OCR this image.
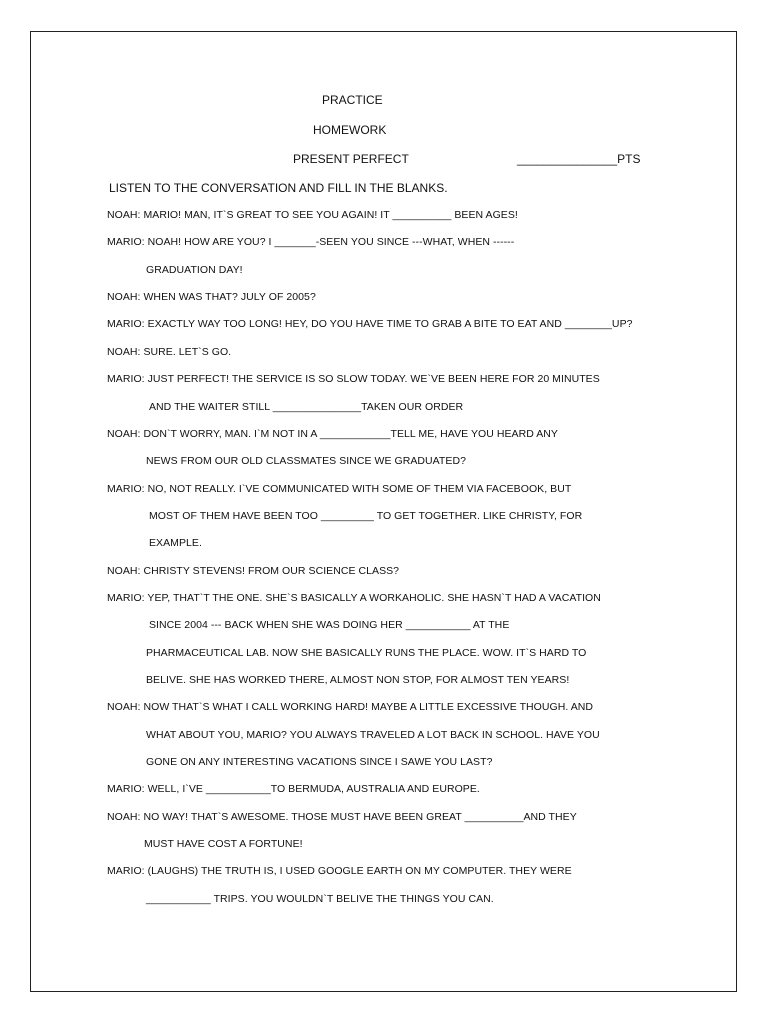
PRACTICE
HOMEWORK
PRESENT PERFECT	_______________PTS
LISTEN TO THE CONVERSATION AND FILL IN THE BLANKS.
NOAH: MARIO! MAN, IT`S GREAT TO SEE YOU AGAIN! IT __________ BEEN AGES!
MARIO: NOAH! HOW ARE YOU? I _______-SEEN YOU SINCE ---WHAT, WHEN ------
GRADUATION DAY!
NOAH: WHEN WAS THAT? JULY OF 2005?
MARIO: EXACTLY WAY TOO LONG! HEY, DO YOU HAVE TIME TO GRAB A BITE TO EAT AND ________UP?
NOAH: SURE. LET`S GO.
MARIO: JUST PERFECT! THE SERVICE IS SO SLOW TODAY. WE`VE BEEN HERE FOR 20 MINUTES
AND THE WAITER STILL _______________TAKEN OUR ORDER
NOAH: DON`T WORRY, MAN. I`M NOT IN A ____________TELL ME, HAVE YOU HEARD ANY
NEWS FROM OUR OLD CLASSMATES SINCE WE GRADUATED?
MARIO: NO, NOT REALLY. I`VE COMMUNICATED WITH SOME OF THEM VIA FACEBOOK, BUT
MOST OF THEM HAVE BEEN TOO _________ TO GET TOGETHER. LIKE CHRISTY, FOR
EXAMPLE.
NOAH: CHRISTY STEVENS! FROM OUR SCIENCE CLASS?
MARIO: YEP, THAT`T THE ONE. SHE`S BASICALLY A WORKAHOLIC. SHE HASN`T HAD A VACATION
SINCE 2004 --- BACK WHEN SHE WAS DOING HER ___________ AT THE
PHARMACEUTICAL LAB. NOW SHE BASICALLY RUNS THE PLACE. WOW. IT`S HARD TO
BELIVE. SHE HAS WORKED THERE, ALMOST NON STOP, FOR ALMOST TEN YEARS!
NOAH: NOW THAT`S WHAT I CALL WORKING HARD! MAYBE A LITTLE EXCESSIVE THOUGH. AND
WHAT ABOUT YOU, MARIO? YOU ALWAYS TRAVELED A LOT BACK IN SCHOOL. HAVE YOU
GONE ON ANY INTERESTING VACATIONS SINCE I SAWE YOU LAST?
MARIO: WELL, I`VE ___________TO BERMUDA, AUSTRALIA AND EUROPE.
NOAH: NO WAY! THAT`S AWESOME. THOSE MUST HAVE BEEN GREAT __________AND THEY
MUST HAVE COST A FORTUNE!
MARIO: (LAUGHS) THE TRUTH IS, I USED GOOGLE EARTH ON MY COMPUTER. THEY WERE
___________ TRIPS. YOU WOULDN`T BELIVE THE THINGS YOU CAN.
